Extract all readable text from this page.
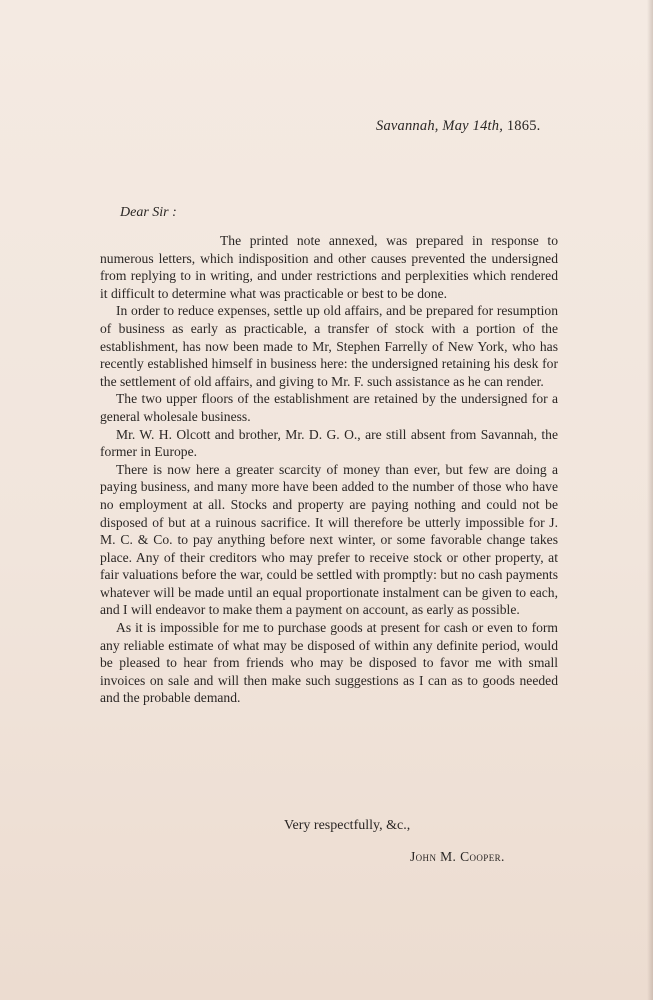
Savannah, May 14th, 1865.
Dear Sir :

The printed note annexed, was prepared in response to numerous letters, which indisposition and other causes prevented the undersigned from replying to in writing, and under restrictions and perplexities which rendered it difficult to determine what was practicable or best to be done.

In order to reduce expenses, settle up old affairs, and be prepared for resumption of business as early as practicable, a transfer of stock with a portion of the establishment, has now been made to Mr, Stephen Farrelly of New York, who has recently established himself in business here: the undersigned retaining his desk for the settlement of old affairs, and giving to Mr. F. such assistance as he can render.

The two upper floors of the establishment are retained by the undersigned for a general wholesale business.

Mr. W. H. Olcott and brother, Mr. D. G. O., are still absent from Savannah, the former in Europe.

There is now here a greater scarcity of money than ever, but few are doing a paying business, and many more have been added to the number of those who have no employment at all. Stocks and property are paying nothing and could not be disposed of but at a ruinous sacrifice. It will therefore be utterly impossible for J. M. C. & Co. to pay anything before next winter, or some favorable change takes place. Any of their creditors who may prefer to receive stock or other property, at fair valuations before the war, could be settled with promptly: but no cash payments whatever will be made until an equal proportionate instalment can be given to each, and I will endeavor to make them a payment on account, as early as possible.

As it is impossible for me to purchase goods at present for cash or even to form any reliable estimate of what may be disposed of within any definite period, would be pleased to hear from friends who may be disposed to favor me with small invoices on sale and will then make such suggestions as I can as to goods needed and the probable demand.

Very respectfully, &c.,
John M. Cooper.
